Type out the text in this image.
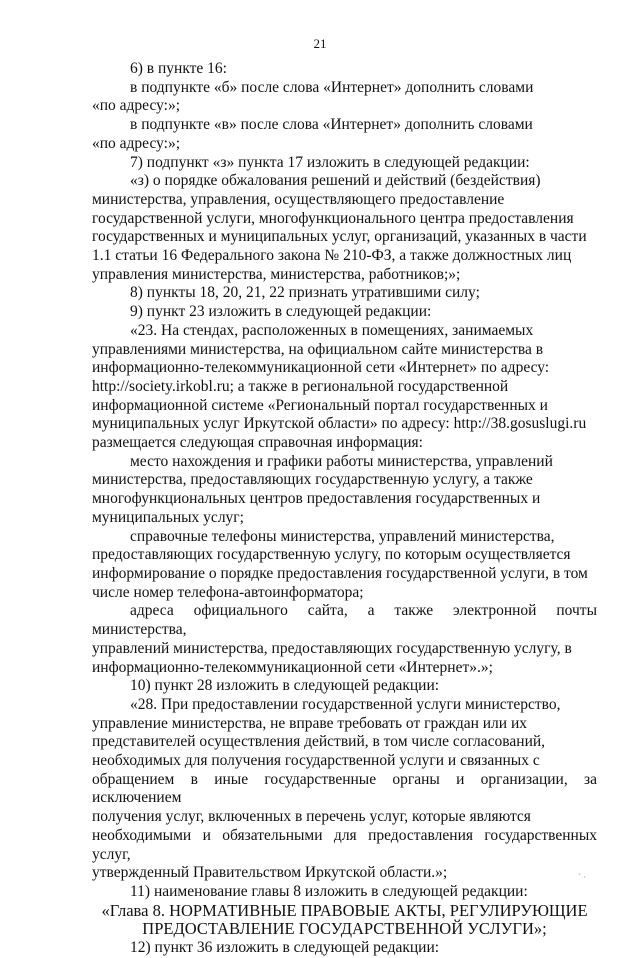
21

6) в пункте 16:

в подпункте «б» после слова «Интернет» дополнить словами
«по адресу:»;

в подпункте «в» после слова «Интернет» дополнить словами
«по адресу:»;

7) подпункт «з» пункта 17 изложить в следующей редакции:

«з) о порядке обжалования решений и действий (бездействия)
министерства, управления, осуществляющего предоставление
государственной услуги, многофункционального центра предоставления
государственных и муниципальных услуг, организаций, указанных в части
1.1 статьи 16 Федерального закона № 210-ФЗ, а также должностных лиц
управления министерства, министерства, работников;»;

8) пункты 18, 20, 21, 22 признать утратившими силу;

9) пункт 23 изложить в следующей редакции:

«23. На стендах, расположенных в помещениях, занимаемых
управлениями министерства, на официальном сайте министерства в
информационно-телекоммуникационной сети «Интернет» по адресу:
http://society.irkobl.ru; а также в региональной государственной
информационной системе «Региональный портал государственных и
муниципальных услуг Иркутской области» по адресу: http://38.gosuslugi.ru
размещается следующая справочная информация:

место нахождения и графики работы министерства, управлений
министерства, предоставляющих государственную услугу, а также
многофункциональных центров предоставления государственных и
муниципальных услуг;

справочные телефоны министерства, управлений министерства,
предоставляющих государственную услугу, по которым осуществляется
информирование о порядке предоставления государственной услуги, в том
числе номер телефона-автоинформатора;

адреса официального сайта, а также электронной почты министерства,
управлений министерства, предоставляющих государственную услугу, в
информационно-телекоммуникационной сети «Интернет».»;

10) пункт 28 изложить в следующей редакции:

«28. При предоставлении государственной услуги министерство,
управление министерства, не вправе требовать от граждан или их
представителей осуществления действий, в том числе согласований,
необходимых для получения государственной услуги и связанных с
обращением в иные государственные органы и организации, за исключением
получения услуг, включенных в перечень услуг, которые являются
необходимыми и обязательными для предоставления государственных услуг,
утвержденный Правительством Иркутской области.»;

11) наименование главы 8 изложить в следующей редакции:

«Глава 8. НОРМАТИВНЫЕ ПРАВОВЫЕ АКТЫ, РЕГУЛИРУЮЩИЕ
ПРЕДОСТАВЛЕНИЕ ГОСУДАРСТВЕННОЙ УСЛУГИ»;

12) пункт 36 изложить в следующей редакции:

` ·
